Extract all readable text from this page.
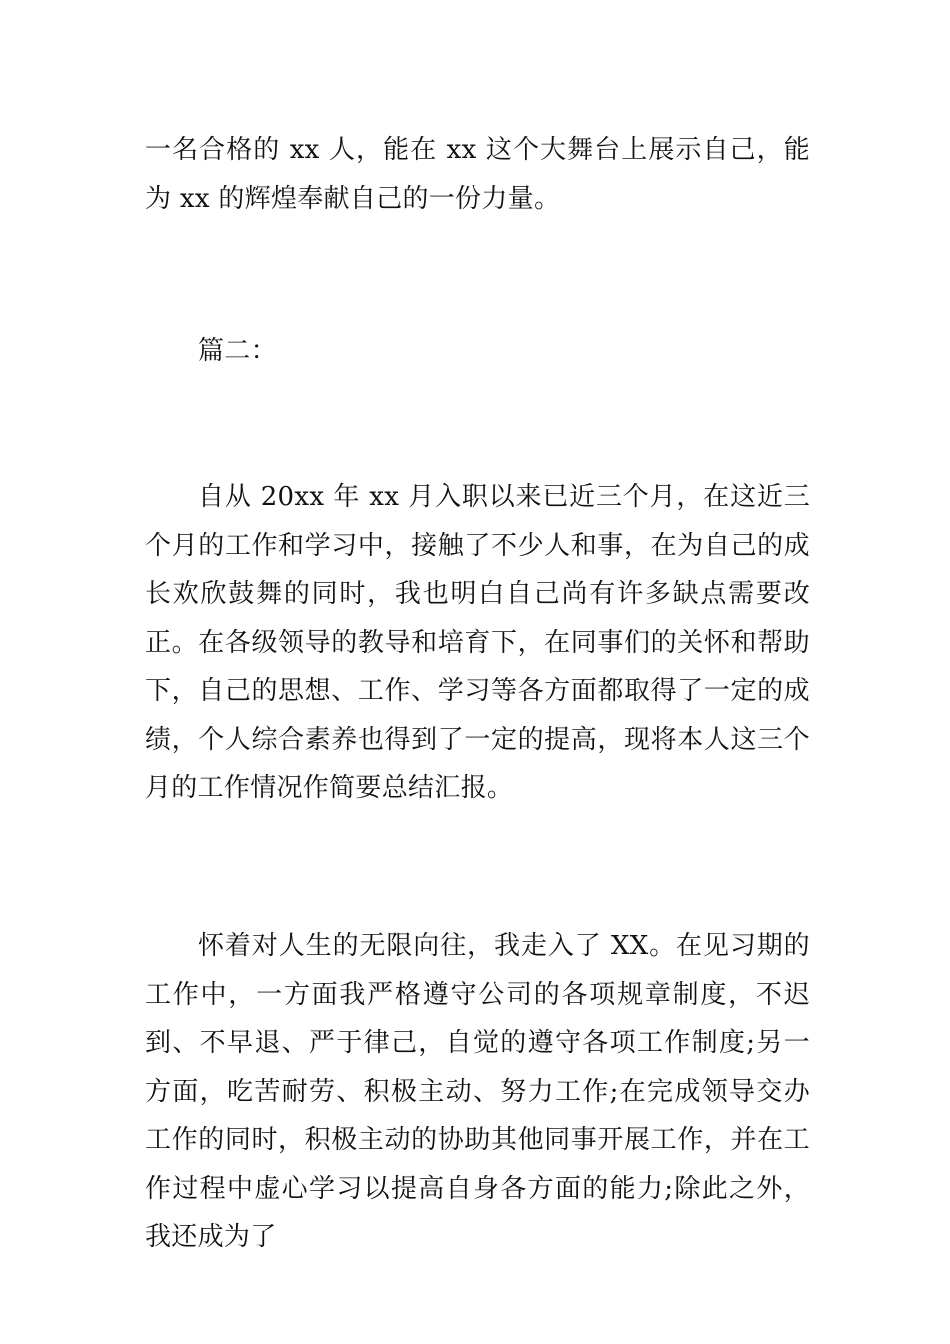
一名合格的 xx 人，能在 xx 这个大舞台上展示自己，能为 xx 的辉煌奉献自己的一份力量。

篇二：

自从 20xx 年 xx 月入职以来已近三个月，在这近三个月的工作和学习中，接触了不少人和事，在为自己的成长欢欣鼓舞的同时，我也明白自己尚有许多缺点需要改正。在各级领导的教导和培育下，在同事们的关怀和帮助下，自己的思想、工作、学习等各方面都取得了一定的成绩，个人综合素养也得到了一定的提高，现将本人这三个月的工作情况作简要总结汇报。

怀着对人生的无限向往，我走入了 XX。在见习期的工作中，一方面我严格遵守公司的各项规章制度，不迟到、不早退、严于律己，自觉的遵守各项工作制度;另一方面，吃苦耐劳、积极主动、努力工作;在完成领导交办工作的同时，积极主动的协助其他同事开展工作，并在工作过程中虚心学习以提高自身各方面的能力;除此之外，我还成为了
